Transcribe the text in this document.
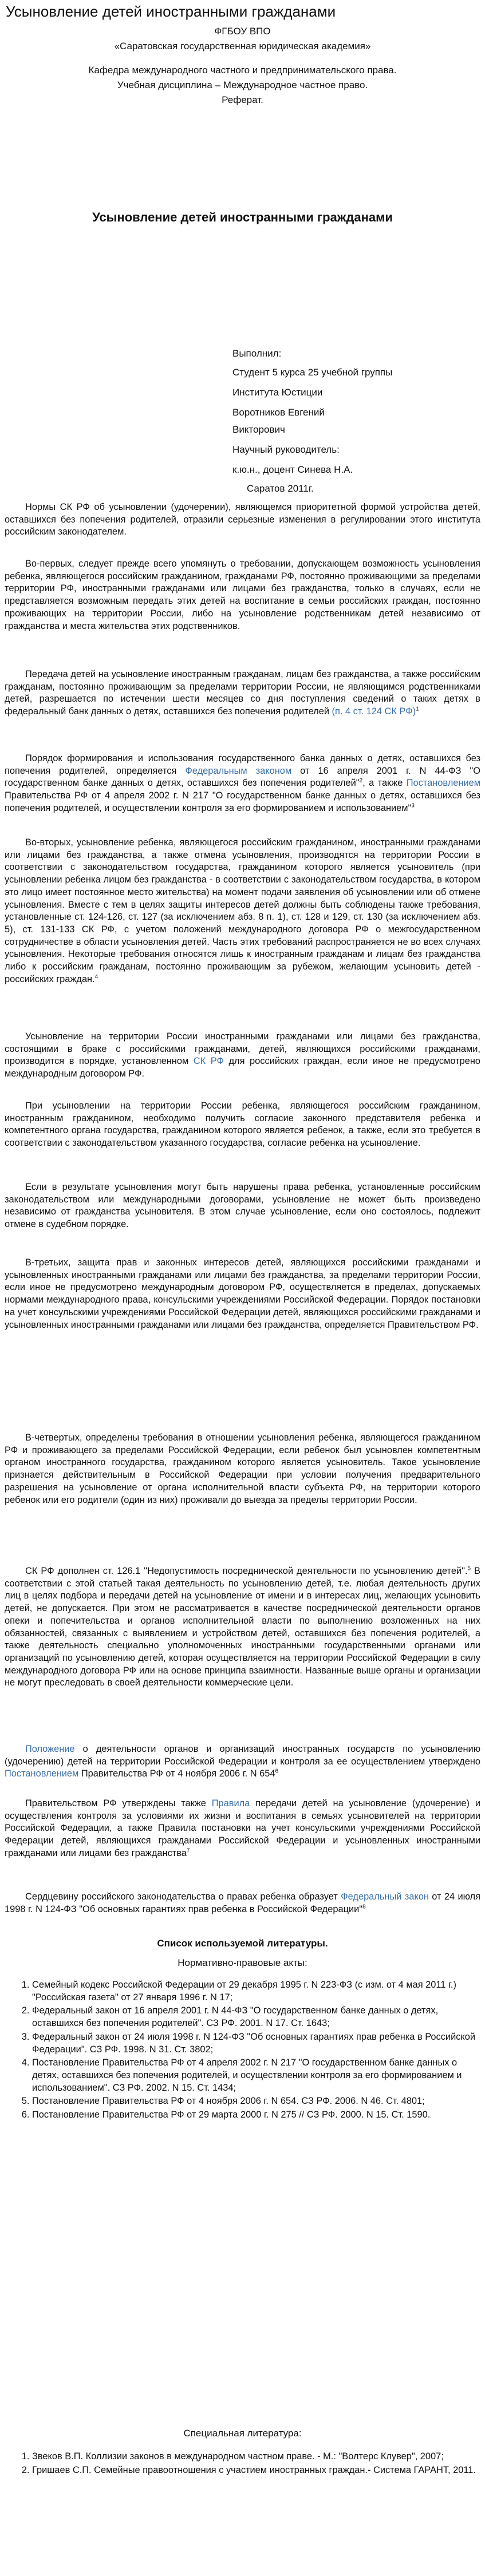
Усыновление детей иностранными гражданами
ФГБОУ ВПО
«Саратовская государственная юридическая академия»
Кафедра международного частного и предпринимательского права.
Учебная дисциплина – Международное частное право.
Реферат.
Усыновление детей иностранными гражданами
Выполнил:
Студент 5 курса 25 учебной группы
Института Юстиции
Воротников Евгений
Викторович
Научный руководитель:
к.ю.н., доцент Синева Н.А.
Саратов 2011г.

Нормы СК РФ об усыновлении (удочерении), являющемся приоритетной формой устройства детей, оставшихся без попечения родителей, отразили серьезные изменения в регулировании этого института российским законодателем.

Во-первых, следует прежде всего упомянуть о требовании, допускающем возможность усыновления ребенка, являющегося российским гражданином, гражданами РФ, постоянно проживающими за пределами территории РФ, иностранными гражданами или лицами без гражданства, только в случаях, если не представляется возможным передать этих детей на воспитание в семьи российских граждан, постоянно проживающих на территории России, либо на усыновление родственникам детей независимо от гражданства и места жительства этих родственников.

Передача детей на усыновление иностранным гражданам, лицам без гражданства, а также российским гражданам, постоянно проживающим за пределами территории России, не являющимся родственниками детей, разрешается по истечении шести месяцев со дня поступления сведений о таких детях в федеральный банк данных о детях, оставшихся без попечения родителей (п. 4 ст. 124 СК РФ)$^1$

Порядок формирования и использования государственного банка данных о детях, оставшихся без попечения родителей, определяется Федеральным законом от 16 апреля 2001 г. N 44-ФЗ "О государственном банке данных о детях, оставшихся без попечения родителей"$^2$, а также Постановлением Правительства РФ от 4 апреля 2002 г. N 217 "О государственном банке данных о детях, оставшихся без попечения родителей, и осуществлении контроля за его формированием и использованием"$^3$

Во-вторых, усыновление ребенка, являющегося российским гражданином, иностранными гражданами или лицами без гражданства, а также отмена усыновления, производятся на территории России в соответствии с законодательством государства, гражданином которого является усыновитель (при усыновлении ребенка лицом без гражданства - в соответствии с законодательством государства, в котором это лицо имеет постоянное место жительства) на момент подачи заявления об усыновлении или об отмене усыновления. Вместе с тем в целях защиты интересов детей должны быть соблюдены также требования, установленные ст. 124-126, ст. 127 (за исключением абз. 8 п. 1), ст. 128 и 129, ст. 130 (за исключением абз. 5), ст. 131-133 СК РФ, с учетом положений международного договора РФ о межгосударственном сотрудничестве в области усыновления детей. Часть этих требований распространяется не во всех случаях усыновления. Некоторые требования относятся лишь к иностранным гражданам и лицам без гражданства либо к российским гражданам, постоянно проживающим за рубежом, желающим усыновить детей - российских граждан.$^4$

Усыновление на территории России иностранными гражданами или лицами без гражданства, состоящими в браке с российскими гражданами, детей, являющихся российскими гражданами, производится в порядке, установленном СК РФ для российских граждан, если иное не предусмотрено международным договором РФ.

При усыновлении на территории России ребенка, являющегося российским гражданином, иностранным гражданином, необходимо получить согласие законного представителя ребенка и компетентного органа государства, гражданином которого является ребенок, а также, если это требуется в соответствии с законодательством указанного государства, согласие ребенка на усыновление.

Если в результате усыновления могут быть нарушены права ребенка, установленные российским законодательством или международными договорами, усыновление не может быть произведено независимо от гражданства усыновителя. В этом случае усыновление, если оно состоялось, подлежит отмене в судебном порядке.

В-третьих, защита прав и законных интересов детей, являющихся российскими гражданами и усыновленных иностранными гражданами или лицами без гражданства, за пределами территории России, если иное не предусмотрено международным договором РФ, осуществляется в пределах, допускаемых нормами международного права, консульскими учреждениями Российской Федерации. Порядок постановки на учет консульскими учреждениями Российской Федерации детей, являющихся российскими гражданами и усыновленных иностранными гражданами или лицами без гражданства, определяется Правительством РФ.

В-четвертых, определены требования в отношении усыновления ребенка, являющегося гражданином РФ и проживающего за пределами Российской Федерации, если ребенок был усыновлен компетентным органом иностранного государства, гражданином которого является усыновитель. Такое усыновление признается действительным в Российской Федерации при условии получения предварительного разрешения на усыновление от органа исполнительной власти субъекта РФ, на территории которого ребенок или его родители (один из них) проживали до выезда за пределы территории России.

СК РФ дополнен ст. 126.1 "Недопустимость посреднической деятельности по усыновлению детей".$^5$ В соответствии с этой статьей такая деятельность по усыновлению детей, т.е. любая деятельность других лиц в целях подбора и передачи детей на усыновление от имени и в интересах лиц, желающих усыновить детей, не допускается. При этом не рассматривается в качестве посреднической деятельности органов опеки и попечительства и органов исполнительной власти по выполнению возложенных на них обязанностей, связанных с выявлением и устройством детей, оставшихся без попечения родителей, а также деятельность специально уполномоченных иностранными государственными органами или организаций по усыновлению детей, которая осуществляется на территории Российской Федерации в силу международного договора РФ или на основе принципа взаимности. Названные выше органы и организации не могут преследовать в своей деятельности коммерческие цели.

Положение о деятельности органов и организаций иностранных государств по усыновлению (удочерению) детей на территории Российской Федерации и контроля за ее осуществлением утверждено Постановлением Правительства РФ от 4 ноября 2006 г. N $654^6$

Правительством РФ утверждены также Правила передачи детей на усыновление (удочерение) и осуществления контроля за условиями их жизни и воспитания в семьях усыновителей на территории Российской Федерации, а также Правила постановки на учет консульскими учреждениями Российской Федерации детей, являющихся гражданами Российской Федерации и усыновленных иностранными гражданами или лицами без гражданства$^7$

Сердцевину российского законодательства о правах ребенка образует Федеральный закон от 24 июля 1998 г. N 124-ФЗ "Об основных гарантиях прав ребенка в Российской Федерации"$^8$

Список используемой литературы.
Нормативно-правовые акты:
1. Семейный кодекс Российской Федерации от 29 декабря 1995 г. N 223-ФЗ (с изм. от 4 мая 2011 г.) "Российская газета" от 27 января 1996 г. N 17;
2. Федеральный закон от 16 апреля 2001 г. N 44-ФЗ "О государственном банке данных о детях, оставшихся без попечения родителей". СЗ РФ. 2001. N 17. Ст. 1643;
3. Федеральный закон от 24 июля 1998 г. N 124-ФЗ "Об основных гарантиях прав ребенка в Российской Федерации". СЗ РФ. 1998. N 31. Ст. 3802;
4. Постановление Правительства РФ от 4 апреля 2002 г. N 217 "О государственном банке данных о детях, оставшихся без попечения родителей, и осуществлении контроля за его формированием и использованием". СЗ РФ. 2002. N 15. Ст. 1434;
5. Постановление Правительства РФ от 4 ноября 2006 г. N 654. СЗ РФ. 2006. N 46. Ст. 4801;
6. Постановление Правительства РФ от 29 марта 2000 г. N 275 // СЗ РФ. 2000. N 15. Ст. 1590.
Специальная литература:
1. Звеков В.П. Коллизии законов в международном частном праве. - М.: "Волтерс Клувер", 2007;
2. Гришаев С.П. Семейные правоотношения с участием иностранных граждан.- Система ГАРАНТ, 2011.
